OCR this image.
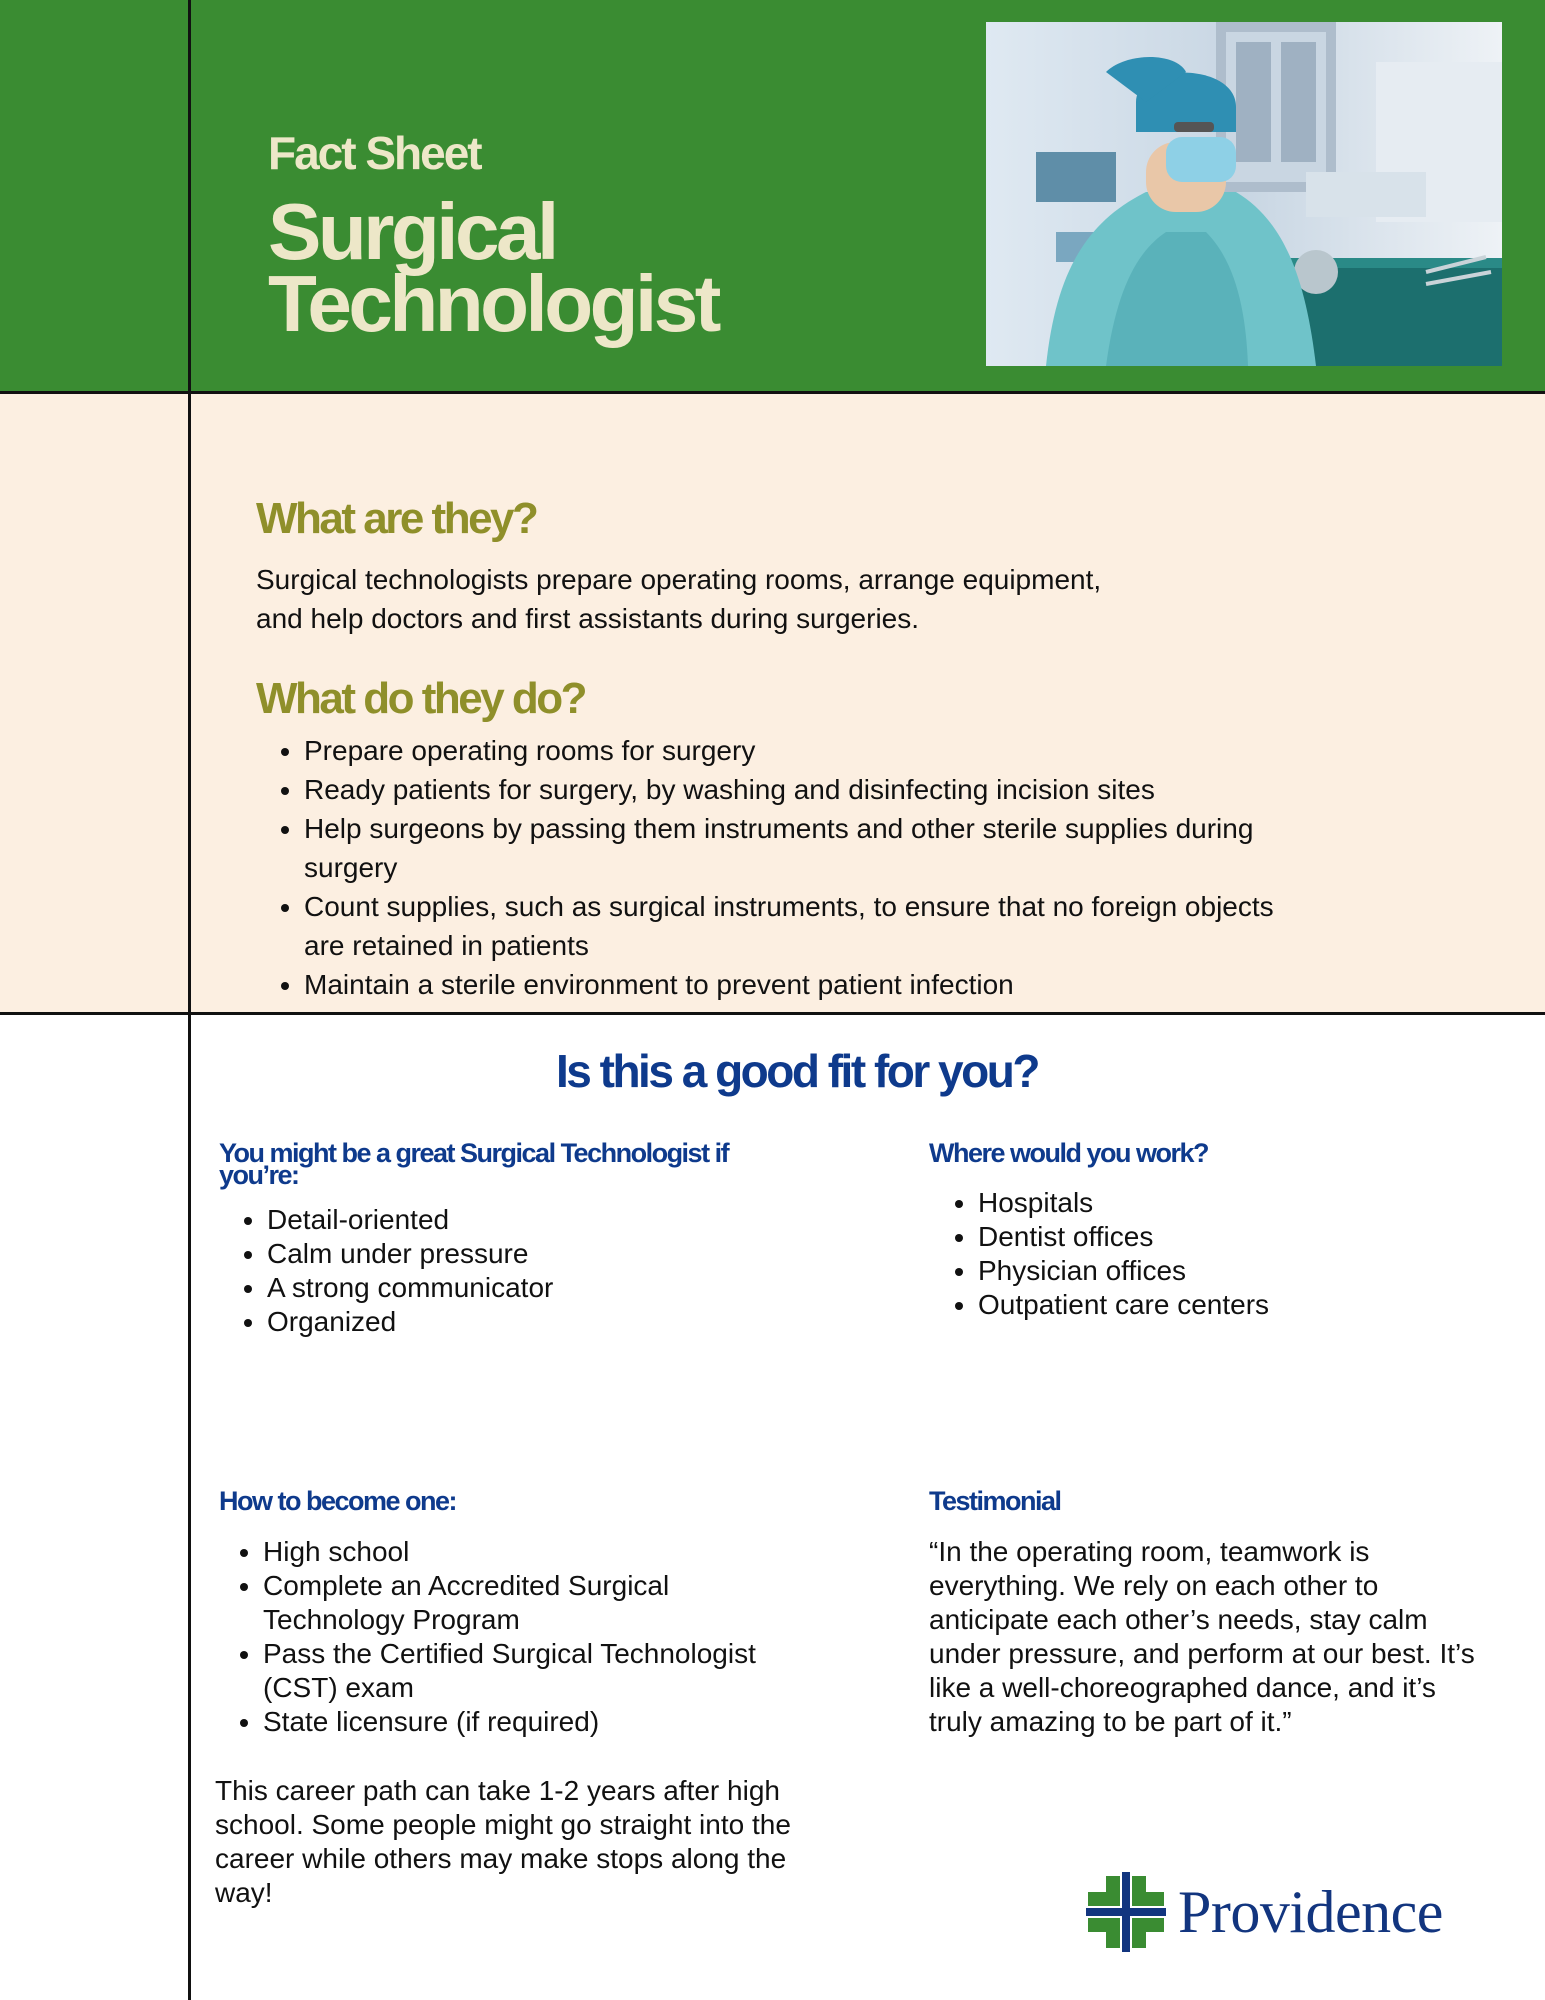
Fact Sheet
Surgical
Technologist
What are they?
Surgical technologists prepare operating rooms, arrange equipment,
and help doctors and first assistants during surgeries.
What do they do?
• Prepare operating rooms for surgery
• Ready patients for surgery, by washing and disinfecting incision sites
• Help surgeons by passing them instruments and other sterile supplies during surgery
• Count supplies, such as surgical instruments, to ensure that no foreign objects are retained in patients
• Maintain a sterile environment to prevent patient infection
Is this a good fit for you?
You might be a great Surgical Technologist if you’re:
• Detail-oriented
• Calm under pressure
• A strong communicator
• Organized
Where would you work?
• Hospitals
• Dentist offices
• Physician offices
• Outpatient care centers
How to become one:
• High school
• Complete an Accredited Surgical Technology Program
• Pass the Certified Surgical Technologist (CST) exam
• State licensure (if required)
This career path can take 1-2 years after high school. Some people might go straight into the career while others may make stops along the way!
Testimonial
“In the operating room, teamwork is everything. We rely on each other to anticipate each other’s needs, stay calm under pressure, and perform at our best. It’s like a well-choreographed dance, and it’s truly amazing to be part of it.”
Providence
